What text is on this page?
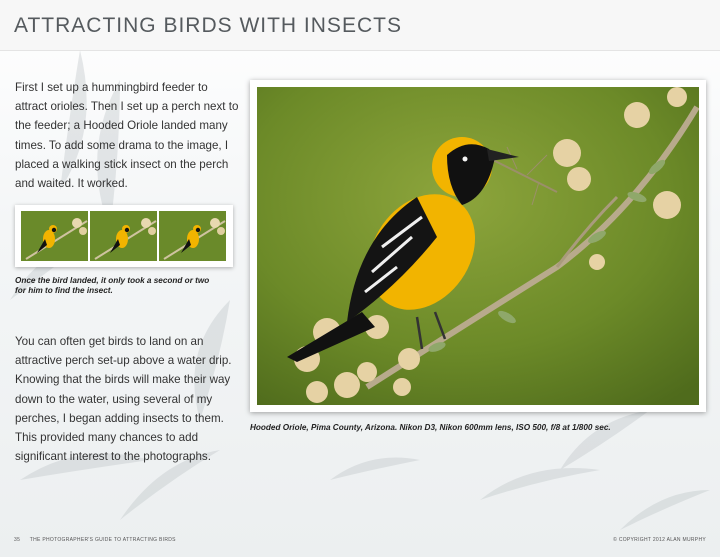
ATTRACTING BIRDS WITH INSECTS
First I set up a hummingbird feeder to attract orioles. Then I set up a perch next to the feeder; a Hooded Oriole landed many times. To add some drama to the image, I placed a walking stick insect on the perch and waited. It worked.
Once the bird landed, it only took a second or two for him to find the insect.
You can often get birds to land on an attractive perch set-up above a water drip. Knowing that the birds will make their way down to the water, using several of my perches, I began adding insects to them. This provided many chances to add significant interest to the photographs.
Hooded Oriole, Pima County, Arizona. Nikon D3, Nikon 600mm lens, ISO 500, f/8 at 1/800 sec.
35 THE PHOTOGRAPHER'S GUIDE TO ATTRACTING BIRDS	© COPYRIGHT 2012 ALAN MURPHY
